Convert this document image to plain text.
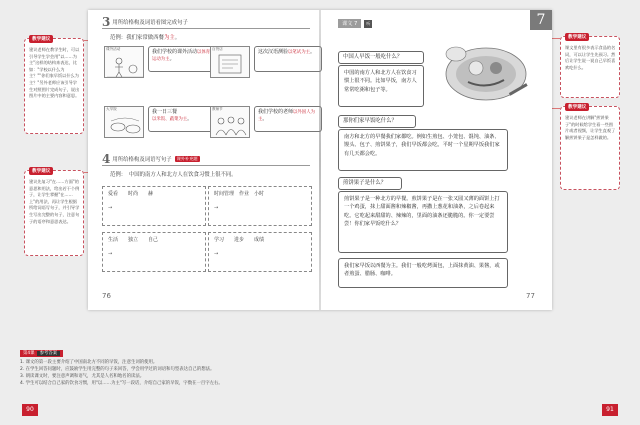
教学建议
建议老师在教学生时，可以引导学生学会用"以……为主"这样的结构来表达，比如："学校以什么为主？""你们家早饭以什么为主？"另外老师应该引导学生对照图片完成句子，说出图片中的主要内容和意思。
教学建议
建议先复习"在……方面"的意思和用法，给出若干个例子，让学生掌握"在……上"的用法，再让学生根据所给词语写句子，并引导学生写出完整的句子，注意句子的语序和意思表达。
教学建议
课文里有很多表示食品的名词，可以让学生先预习。然后让学生说一说自己早饭喜欢吃什么。
教学建议
建议老师在讲解"煎饼果子"的时候给学生看一些图片或者视频，让学生直观了解煎饼果子是怎样做的。
3 用所给格构及词语看图完成句子
范例：我们家常做西餐为主。
课外活动	我们学校的课外活动以体育运动为主。
百货店	这次汉语测验以笔试为主。
大早饭	我一日三餐
以米饭、蔬菜为主。
教师节	我们学校的老师以外国人为主。
4 用所给格构及词语写句子	课外补充题
范例：　中国的南方人和北方人在饮食习惯上很不同。
爱看　　时尚　　赫
→
时间管理　作业　小时
→
生活　　独立　　自己
→
学习　　进步　　成绩
→
76
7
课文 7	听
中国人早饭一般吃什么？
中国的南方人和北方人在饮食习惯上很不同。比如早饭，南方人常常吃粥和包子等。
那你们家早饭吃什么？
南方和北方的早餐我们家都吃。例如生煎包、小笼包、馄饨、油条、馒头、包子、煎饼果子，我们早饭都会吃。平时一个星期早饭我们家有几天都会吃。
煎饼果子是什么？
煎饼果子是一种北方的早餐。煎饼果子是在一张又圆又薄的面饼上打一个鸡蛋，抹上甜面酱和辣椒酱，再撒上葱花和油条，之后卷起来吃。它吃起来甜甜的、辣辣的，里面的油条还脆脆的。你一定要尝尝！你们家早饭吃什么？
我们家早饭以西餐为主。我们一般吃烤面包，上面抹黄油、果酱，或者煎蛋、腊肠、咖啡。
77
第4课 参考答案
1. 课文的第一段主要介绍了中国南北方不同的早饭，注意生词的使用。
2. 在学生回答问题时，应鼓励学生用完整的句子来回答，学会用学过的词语和句型表达自己的想法。
3. 朗读课文时，要注意声调和语气，尤其是人名和地名的读法。
4. 学生可以结合自己家的饮食习惯，用"以……为主"写一段话，介绍自己家的早饭，字数在一百字左右。
90	91
